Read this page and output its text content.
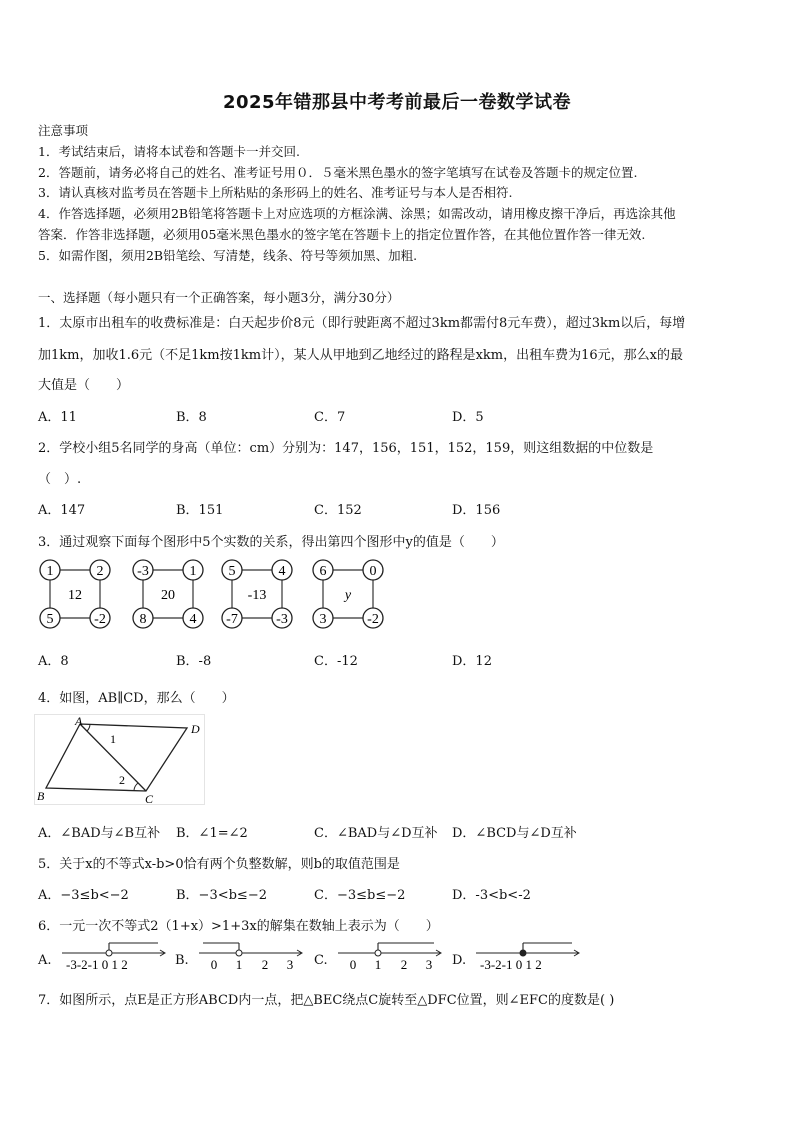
2025年错那县中考考前最后一卷数学试卷
注意事项
1．考试结束后，请将本试卷和答题卡一并交回.
2．答题前，请务必将自己的姓名、准考证号用０．５毫米黑色墨水的签字笔填写在试卷及答题卡的规定位置.
3．请认真核对监考员在答题卡上所粘贴的条形码上的姓名、准考证号与本人是否相符.
4．作答选择题，必须用2B铅笔将答题卡上对应选项的方框涂满、涂黑；如需改动，请用橡皮擦干净后，再选涂其他
答案．作答非选择题，必须用05毫米黑色墨水的签字笔在答题卡上的指定位置作答，在其他位置作答一律无效.
5．如需作图，须用2B铅笔绘、写清楚，线条、符号等须加黑、加粗.
一、选择题（每小题只有一个正确答案，每小题3分，满分30分）
1．太原市出租车的收费标准是：白天起步价8元（即行驶距离不超过3km都需付8元车费），超过3km以后，每增
加1km，加收1.6元（不足1km按1km计），某人从甲地到乙地经过的路程是xkm，出租车费为16元，那么x的最
大值是（　　）
A．11	B．8	C．7	D．5
2．学校小组5名同学的身高（单位：cm）分别为：147，156，151，152，159，则这组数据的中位数是
（　）.
A．147	B．151	C．152	D．156
3．通过观察下面每个图形中5个实数的关系，得出第四个图形中y的值是（　　）
1	2
5	-2
12
-3	1
8	4
20
5	4
-7	-3
-13
6	0
3	-2
y
A．8	B．-8	C．-12	D．12
4．如图，AB∥CD，那么（　　）
A
D
B	C
1
2
A．∠BAD与∠B互补 B．∠1=∠2	C．∠BAD与∠D互补 D．∠BCD与∠D互补
5．关于x的不等式x-b>0恰有两个负整数解，则b的取值范围是
A．−3≤b<−2	B．−3<b≤−2	C．−3≤b≤−2	D．-3<b<-2
6．一元一次不等式2（1+x）>1+3x的解集在数轴上表示为（　　）
A. -3-2-1 0 1 2	B. 0 1 2 3 C. 0 1 2 3 D. -3-2-1 0 1 2
7．如图所示，点E是正方形ABCD内一点，把△BEC绕点C旋转至△DFC位置，则∠EFC的度数是( )
